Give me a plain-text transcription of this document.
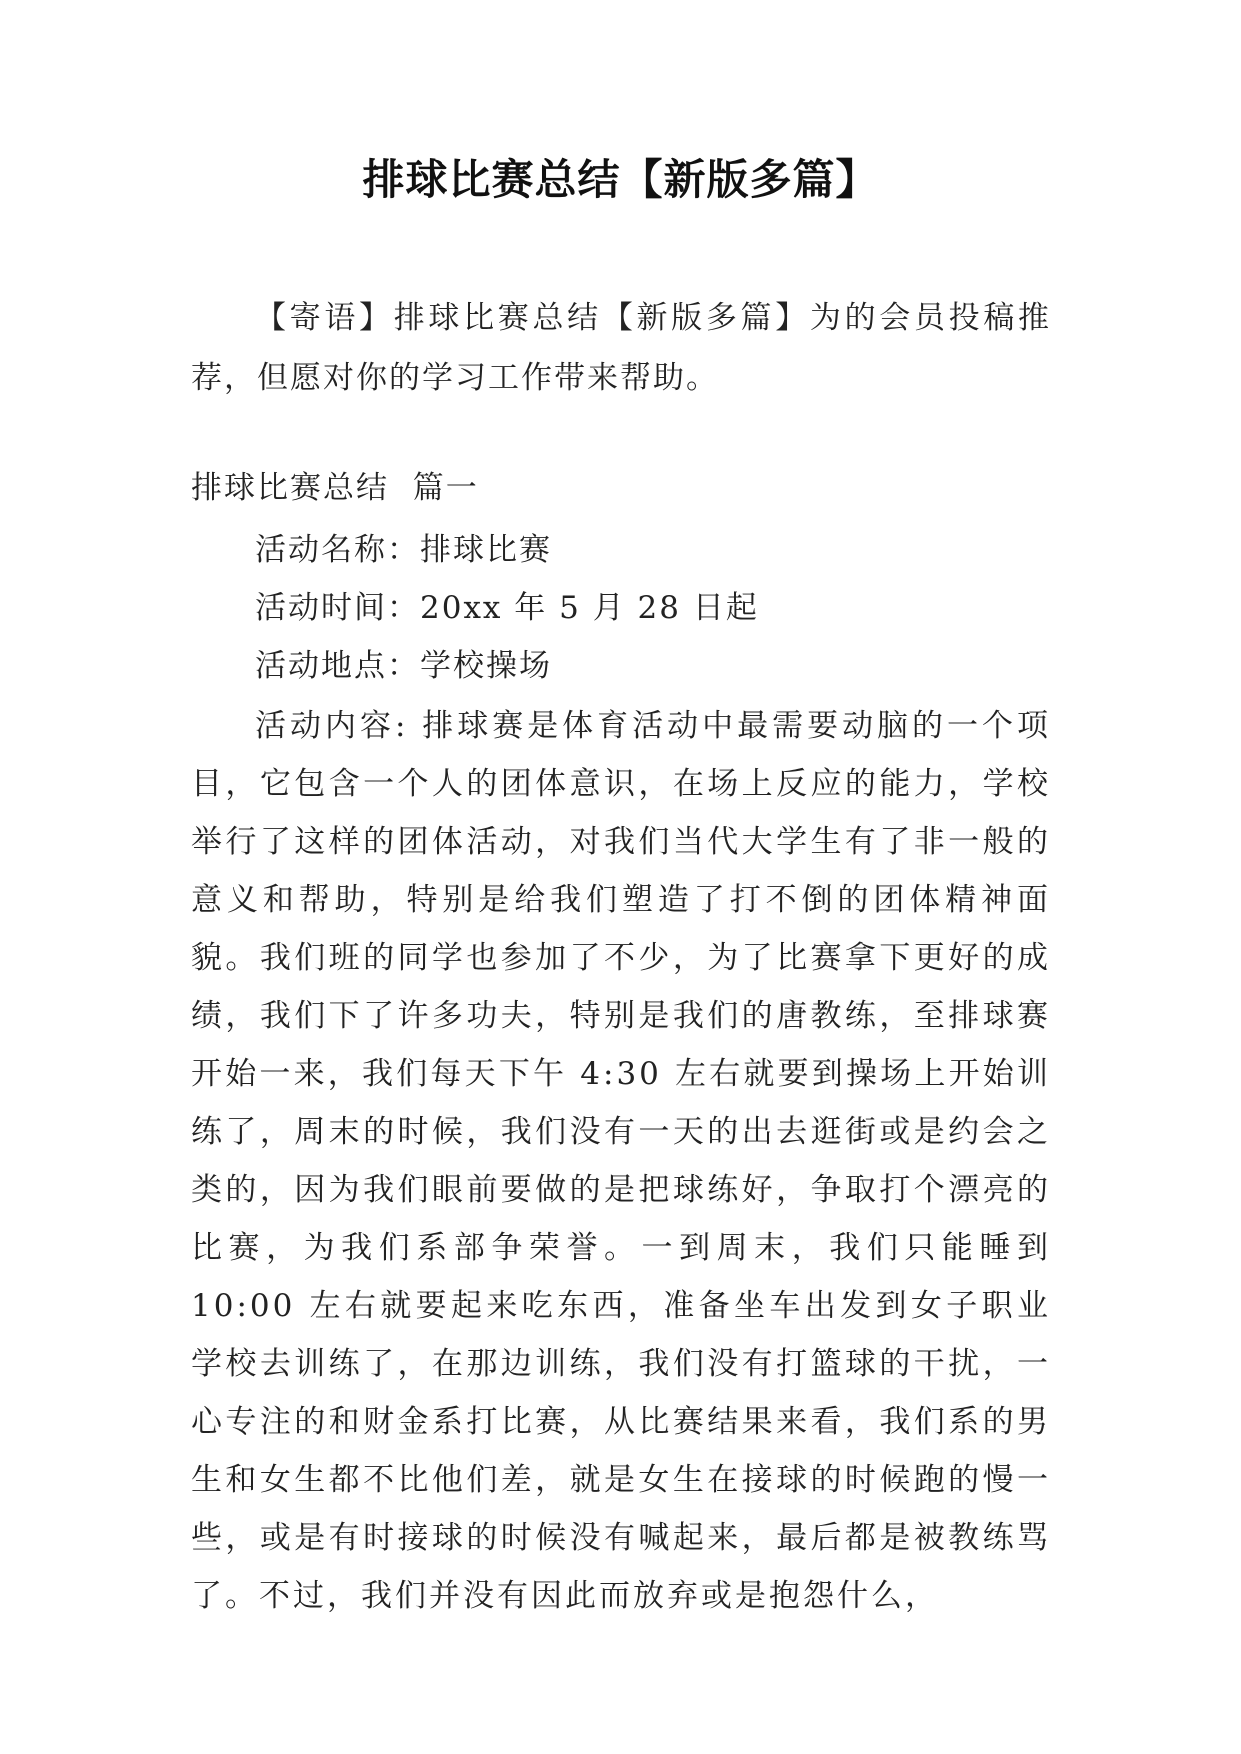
排球比赛总结【新版多篇】
【寄语】排球比赛总结【新版多篇】为的会员投稿推荐，但愿对你的学习工作带来帮助。
排球比赛总结  篇一
活动名称：排球比赛
活动时间：20xx 年 5 月 28 日起
活动地点：学校操场
活动内容: 排球赛是体育活动中最需要动脑的一个项目，它包含一个人的团体意识，在场上反应的能力，学校举行了这样的团体活动，对我们当代大学生有了非一般的意义和帮助，特别是给我们塑造了打不倒的团体精神面貌。我们班的同学也参加了不少，为了比赛拿下更好的成绩，我们下了许多功夫，特别是我们的唐教练，至排球赛开始一来，我们每天下午 4:30 左右就要到操场上开始训练了，周末的时候，我们没有一天的出去逛街或是约会之类的，因为我们眼前要做的是把球练好，争取打个漂亮的比赛，为我们系部争荣誉。一到周末，我们只能睡到 10:00 左右就要起来吃东西，准备坐车出发到女子职业学校去训练了，在那边训练，我们没有打篮球的干扰，一心专注的和财金系打比赛，从比赛结果来看，我们系的男生和女生都不比他们差，就是女生在接球的时候跑的慢一些，或是有时接球的时候没有喊起来，最后都是被教练骂了。不过，我们并没有因此而放弃或是抱怨什么，
